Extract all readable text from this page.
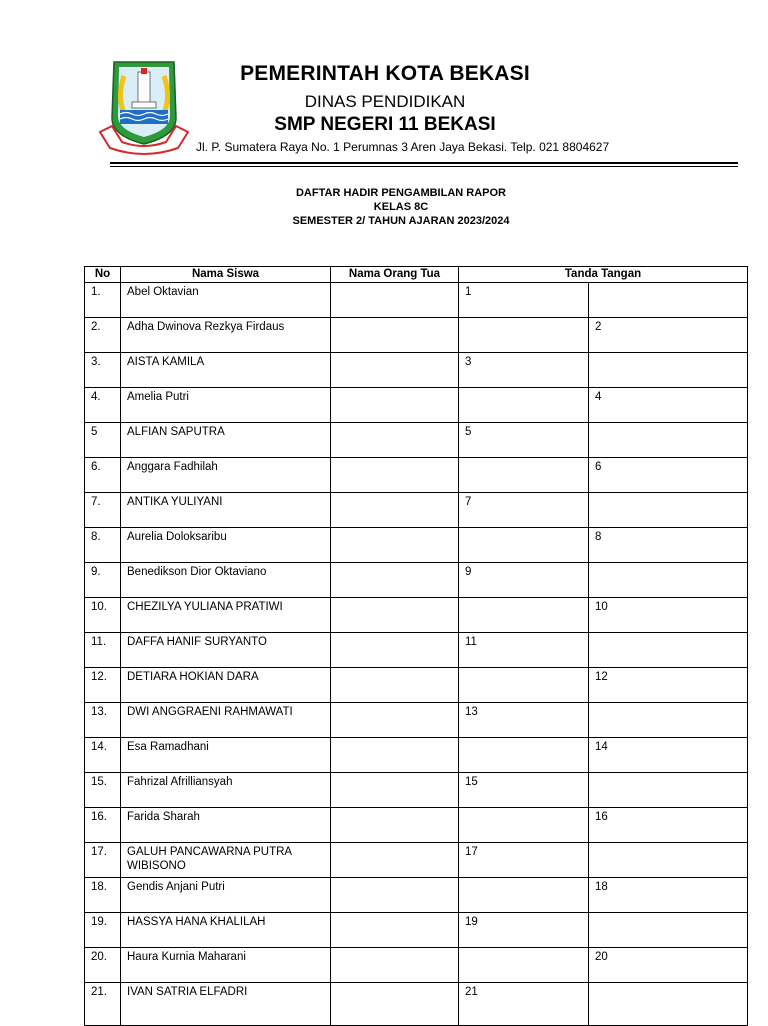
PEMERINTAH KOTA BEKASI
DINAS PENDIDIKAN
SMP NEGERI 11 BEKASI
Jl. P. Sumatera Raya No. 1 Perumnas 3 Aren Jaya Bekasi. Telp. 021 8804627
DAFTAR HADIR PENGAMBILAN RAPOR
KELAS 8C
SEMESTER 2/ TAHUN AJARAN 2023/2024
No	Nama Siswa	Nama Orang Tua	Tanda Tangan	
1.	Abel Oktavian		1	
2.	Adha Dwinova Rezkya Firdaus			2
3.	AISTA KAMILA		3	
4.	Amelia Putri			4
5	ALFIAN SAPUTRA		5	
6.	Anggara Fadhilah			6
7.	ANTIKA YULIYANI		7	
8.	Aurelia Doloksaribu			8
9.	Benedikson Dior Oktaviano		9	
10.	CHEZILYA YULIANA PRATIWI			10
11.	DAFFA HANIF SURYANTO		11	
12.	DETIARA HOKIAN DARA			12
13.	DWI ANGGRAENI RAHMAWATI		13	
14.	Esa Ramadhani			14
15.	Fahrizal Afrilliansyah		15	
16.	Farida Sharah			16
17.	GALUH PANCAWARNA PUTRA WIBISONO		17	
18.	Gendis Anjani Putri			18
19.	HASSYA HANA KHALILAH		19	
20.	Haura Kurnia Maharani			20
21.	IVAN SATRIA ELFADRI		21	
